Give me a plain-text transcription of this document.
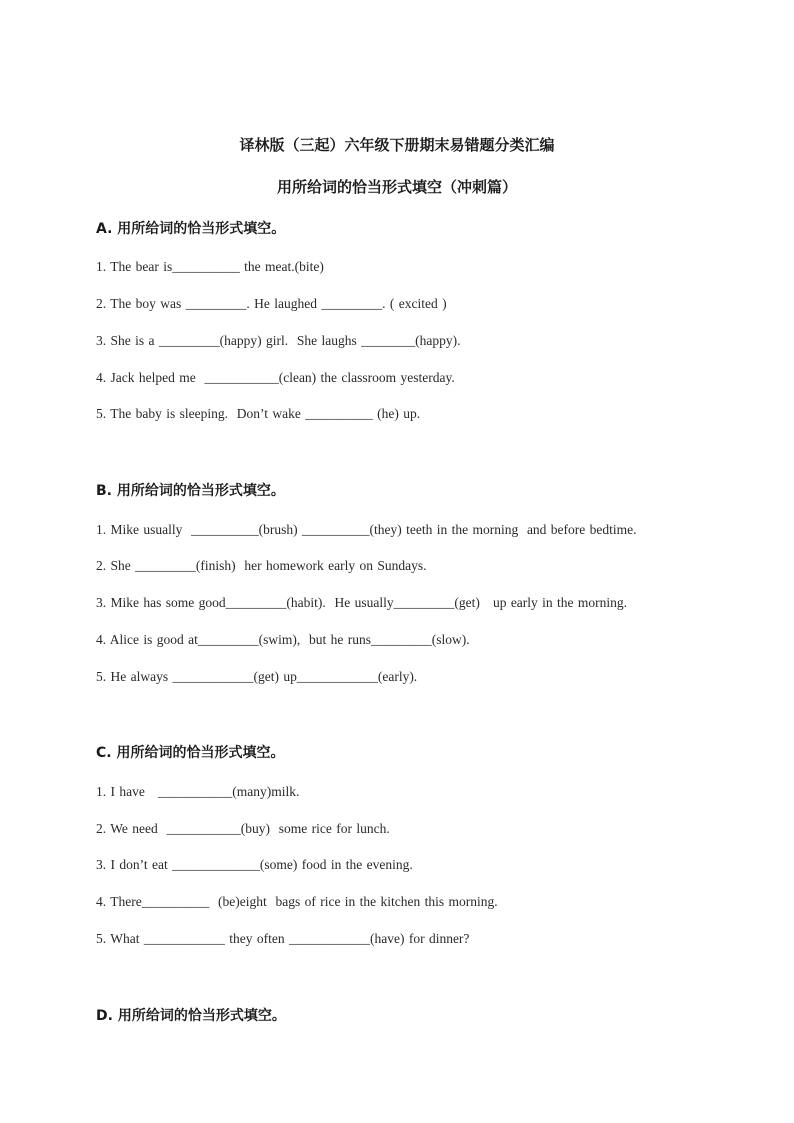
译林版（三起）六年级下册期末易错题分类汇编
用所给词的恰当形式填空（冲刺篇）
A. 用所给词的恰当形式填空。
1. The bear is__________ the meat.(bite)
2. The boy was _________. He laughed _________. ( excited )
3. She is a _________(happy) girl.  She laughs ________(happy).
4. Jack helped me  ___________(clean) the classroom yesterday.
5. The baby is sleeping.  Don’t wake __________ (he) up.
B. 用所给词的恰当形式填空。
1. Mike usually  __________(brush) __________(they) teeth in the morning  and before bedtime.
2. She _________(finish)  her homework early on Sundays.
3. Mike has some good_________(habit).  He usually_________(get)   up early in the morning.
4. Alice is good at_________(swim),  but he runs_________(slow).
5. He always ____________(get) up____________(early).
C. 用所给词的恰当形式填空。
1. I have   ___________(many)milk.
2. We need  ___________(buy)  some rice for lunch.
3. I don’t eat _____________(some) food in the evening.
4. There__________  (be)eight  bags of rice in the kitchen this morning.
5. What ____________ they often ____________(have) for dinner?
D. 用所给词的恰当形式填空。
